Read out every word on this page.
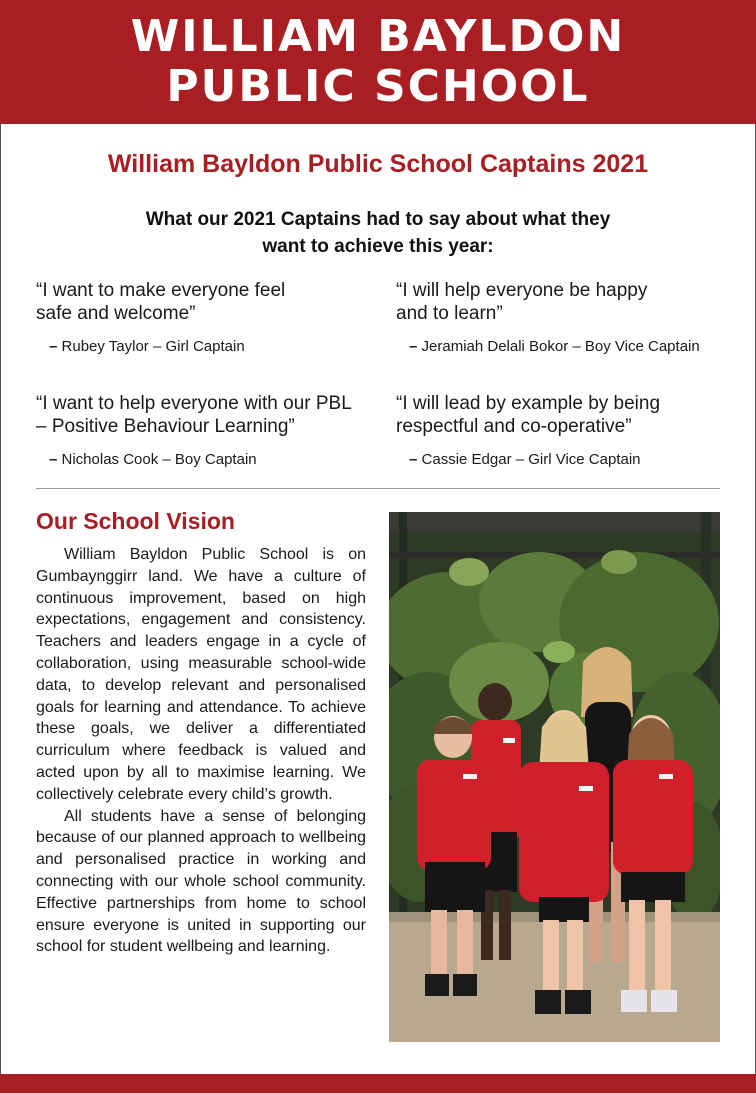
WILLIAM BAYLDON
PUBLIC SCHOOL
William Bayldon Public School Captains 2021
What our 2021 Captains had to say about what they
want to achieve this year:
“I want to make everyone feel
safe and welcome”
– Rubey Taylor – Girl Captain
“I will help everyone be happy
and to learn”
– Jeramiah Delali Bokor – Boy Vice Captain
“I want to help everyone with our PBL
– Positive Behaviour Learning”
– Nicholas Cook – Boy Captain
“I will lead by example by being
respectful and co-operative”
– Cassie Edgar – Girl Vice Captain
Our School Vision

William Bayldon Public School is on Gumbaynggirr land. We have a culture of continuous improvement, based on high expectations, engagement and consistency. Teachers and leaders engage in a cycle of collaboration, using measurable school-wide data, to develop relevant and personalised goals for learning and attendance. To achieve these goals, we deliver a differentiated curriculum where feedback is valued and acted upon by all to maximise learning. We collectively celebrate every child’s growth.

All students have a sense of belonging because of our planned approach to wellbeing and personalised practice in working and connecting with our whole school community. Effective partnerships from home to school ensure everyone is united in supporting our school for student wellbeing and learning.
